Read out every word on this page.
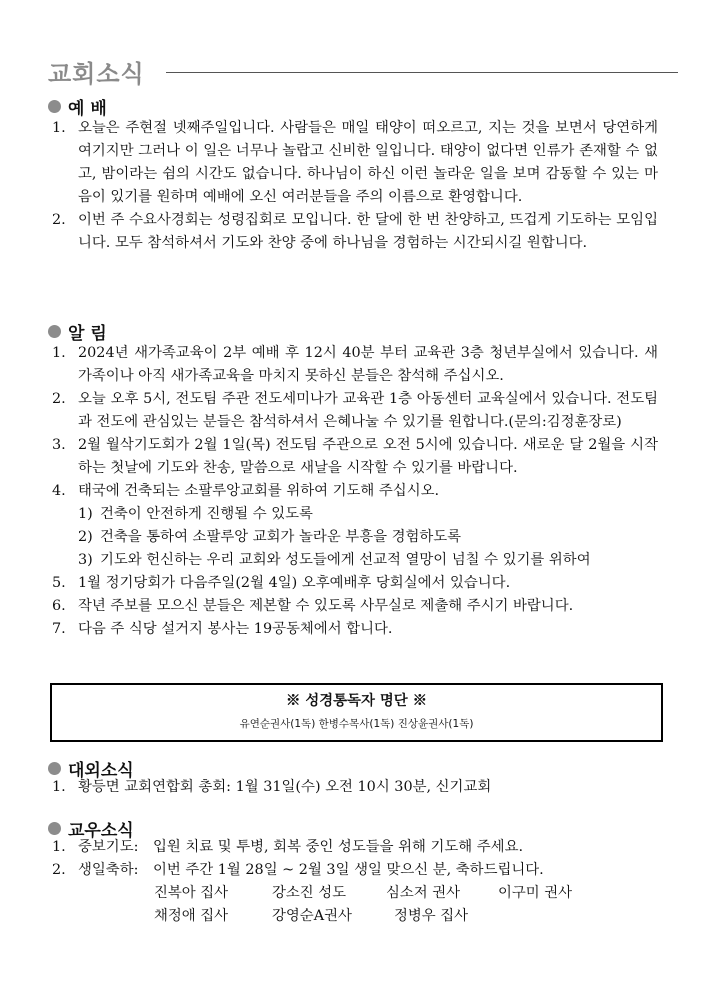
교회소식
예 배
1. 오늘은 주현절 넷째주일입니다. 사람들은 매일 태양이 떠오르고, 지는 것을 보면서 당연하게 여기지만 그러나 이 일은 너무나 놀랍고 신비한 일입니다. 태양이 없다면 인류가 존재할 수 없고, 밤이라는 쉼의 시간도 없습니다. 하나님이 하신 이런 놀라운 일을 보며 감동할 수 있는 마음이 있기를 원하며 예배에 오신 여러분들을 주의 이름으로 환영합니다.
2. 이번 주 수요사경회는 성령집회로 모입니다. 한 달에 한 번 찬양하고, 뜨겁게 기도하는 모임입니다. 모두 참석하셔서 기도와 찬양 중에 하나님을 경험하는 시간되시길 원합니다.
알 림
1. 2024년 새가족교육이 2부 예배 후 12시 40분 부터 교육관 3층 청년부실에서 있습니다. 새가족이나 아직 새가족교육을 마치지 못하신 분들은 참석해 주십시오.
2. 오늘 오후 5시, 전도팀 주관 전도세미나가 교육관 1층 아동센터 교육실에서 있습니다. 전도팀과 전도에 관심있는 분들은 참석하셔서 은혜나눌 수 있기를 원합니다.(문의:김정훈장로)
3. 2월 월삭기도회가 2월 1일(목) 전도팀 주관으로 오전 5시에 있습니다. 새로운 달 2월을 시작하는 첫날에 기도와 찬송, 말씀으로 새날을 시작할 수 있기를 바랍니다.
4. 태국에 건축되는 소팔루앙교회를 위하여 기도해 주십시오.
1) 건축이 안전하게 진행될 수 있도록
2) 건축을 통하여 소팔루앙 교회가 놀라운 부흥을 경험하도록
3) 기도와 헌신하는 우리 교회와 성도들에게 선교적 열망이 넘칠 수 있기를 위하여
5. 1월 정기당회가 다음주일(2월 4일) 오후예배후 당회실에서 있습니다.
6. 작년 주보를 모으신 분들은 제본할 수 있도록 사무실로 제출해 주시기 바랍니다.
7. 다음 주 식당 설거지 봉사는 19공동체에서 합니다.
※ 성경통독자 명단 ※
유연순권사(1독) 한병수목사(1독) 진상윤권사(1독)
대외소식
1. 황등면 교회연합회 총회: 1월 31일(수) 오전 10시 30분, 신기교회
교우소식
1. 중보기도:	입원 치료 및 투병, 회복 중인 성도들을 위해 기도해 주세요.
2. 생일축하:	이번 주간 1월 28일 ~ 2월 3일 생일 맞으신 분, 축하드립니다.
진복아 집사	강소진 성도	심소저 권사	이구미 권사
채정애 집사	강영순A권사	정병우 집사
